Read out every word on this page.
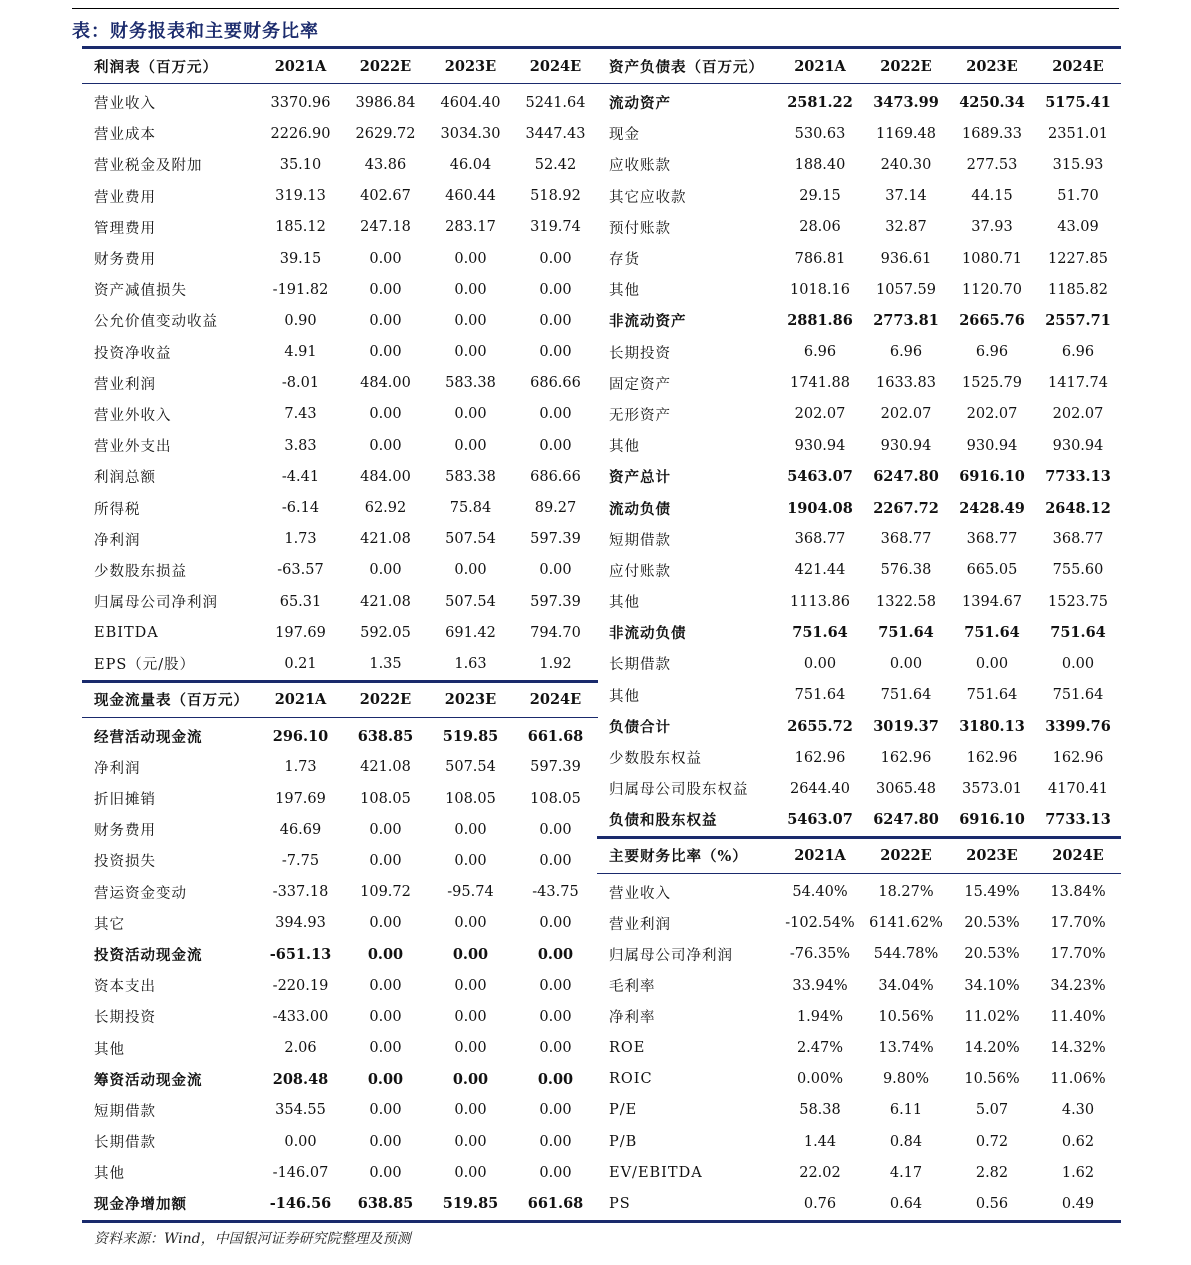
表：财务报表和主要财务比率
利润表（百万元）	2021A	2022E	2023E	2024E
营业收入	3370.96	3986.84	4604.40	5241.64
营业成本	2226.90	2629.72	3034.30	3447.43
营业税金及附加	35.10	43.86	46.04	52.42
营业费用	319.13	402.67	460.44	518.92
管理费用	185.12	247.18	283.17	319.74
财务费用	39.15	0.00	0.00	0.00
资产减值损失	-191.82	0.00	0.00	0.00
公允价值变动收益	0.90	0.00	0.00	0.00
投资净收益	4.91	0.00	0.00	0.00
营业利润	-8.01	484.00	583.38	686.66
营业外收入	7.43	0.00	0.00	0.00
营业外支出	3.83	0.00	0.00	0.00
利润总额	-4.41	484.00	583.38	686.66
所得税	-6.14	62.92	75.84	89.27
净利润	1.73	421.08	507.54	597.39
少数股东损益	-63.57	0.00	0.00	0.00
归属母公司净利润	65.31	421.08	507.54	597.39
EBITDA	197.69	592.05	691.42	794.70
EPS（元/股）	0.21	1.35	1.63	1.92
现金流量表（百万元）	2021A	2022E	2023E	2024E
经营活动现金流	296.10	638.85	519.85	661.68
净利润	1.73	421.08	507.54	597.39
折旧摊销	197.69	108.05	108.05	108.05
财务费用	46.69	0.00	0.00	0.00
投资损失	-7.75	0.00	0.00	0.00
营运资金变动	-337.18	109.72	-95.74	-43.75
其它	394.93	0.00	0.00	0.00
投资活动现金流	-651.13	0.00	0.00	0.00
资本支出	-220.19	0.00	0.00	0.00
长期投资	-433.00	0.00	0.00	0.00
其他	2.06	0.00	0.00	0.00
筹资活动现金流	208.48	0.00	0.00	0.00
短期借款	354.55	0.00	0.00	0.00
长期借款	0.00	0.00	0.00	0.00
其他	-146.07	0.00	0.00	0.00
现金净增加额	-146.56	638.85	519.85	661.68
资产负债表（百万元）	2021A	2022E	2023E	2024E
流动资产	2581.22	3473.99	4250.34	5175.41
现金	530.63	1169.48	1689.33	2351.01
应收账款	188.40	240.30	277.53	315.93
其它应收款	29.15	37.14	44.15	51.70
预付账款	28.06	32.87	37.93	43.09
存货	786.81	936.61	1080.71	1227.85
其他	1018.16	1057.59	1120.70	1185.82
非流动资产	2881.86	2773.81	2665.76	2557.71
长期投资	6.96	6.96	6.96	6.96
固定资产	1741.88	1633.83	1525.79	1417.74
无形资产	202.07	202.07	202.07	202.07
其他	930.94	930.94	930.94	930.94
资产总计	5463.07	6247.80	6916.10	7733.13
流动负债	1904.08	2267.72	2428.49	2648.12
短期借款	368.77	368.77	368.77	368.77
应付账款	421.44	576.38	665.05	755.60
其他	1113.86	1322.58	1394.67	1523.75
非流动负债	751.64	751.64	751.64	751.64
长期借款	0.00	0.00	0.00	0.00
其他	751.64	751.64	751.64	751.64
负债合计	2655.72	3019.37	3180.13	3399.76
少数股东权益	162.96	162.96	162.96	162.96
归属母公司股东权益	2644.40	3065.48	3573.01	4170.41
负债和股东权益	5463.07	6247.80	6916.10	7733.13
主要财务比率（%）	2021A	2022E	2023E	2024E
营业收入	54.40%	18.27%	15.49%	13.84%
营业利润	-102.54%	6141.62%	20.53%	17.70%
归属母公司净利润	-76.35%	544.78%	20.53%	17.70%
毛利率	33.94%	34.04%	34.10%	34.23%
净利率	1.94%	10.56%	11.02%	11.40%
ROE	2.47%	13.74%	14.20%	14.32%
ROIC	0.00%	9.80%	10.56%	11.06%
P/E	58.38	6.11	5.07	4.30
P/B	1.44	0.84	0.72	0.62
EV/EBITDA	22.02	4.17	2.82	1.62
PS	0.76	0.64	0.56	0.49
资料来源：Wind，中国银河证券研究院整理及预测
